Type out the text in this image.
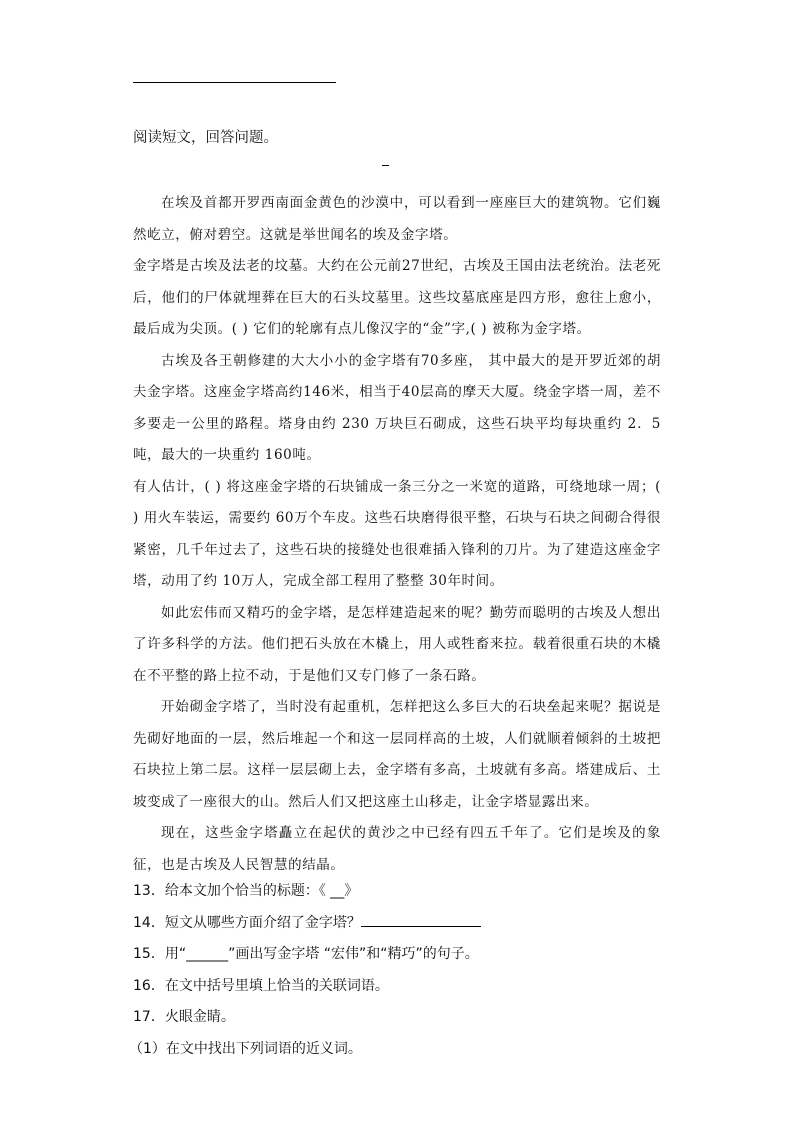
阅读短文，回答问题。

在埃及首都开罗西南面金黄色的沙漠中，可以看到一座座巨大的建筑物。它们巍然屹立，俯对碧空。这就是举世闻名的埃及金字塔。

金字塔是古埃及法老的坟墓。大约在公元前27世纪，古埃及王国由法老统治。法老死后，他们的尸体就埋葬在巨大的石头坟墓里。这些坟墓底座是四方形，愈往上愈小，最后成为尖顶。( ) 它们的轮廓有点儿像汉字的“金”字,( ) 被称为金字塔。

古埃及各王朝修建的大大小小的金字塔有70多座， 其中最大的是开罗近郊的胡夫金字塔。这座金字塔高约146米，相当于40层高的摩天大厦。绕金字塔一周，差不多要走一公里的路程。塔身由约 230 万块巨石砌成，这些石块平均每块重约 2．5 吨，最大的一块重约 160吨。

有人估计，( ) 将这座金字塔的石块铺成一条三分之一米宽的道路，可绕地球一周；( ) 用火车装运，需要约 60万个车皮。这些石块磨得很平整，石块与石块之间砌合得很紧密，几千年过去了，这些石块的接缝处也很难插入锋利的刀片。为了建造这座金字塔，动用了约 10万人，完成全部工程用了整整 30年时间。

如此宏伟而又精巧的金字塔，是怎样建造起来的呢？勤劳而聪明的古埃及人想出了许多科学的方法。他们把石头放在木橇上，用人或牲畜来拉。载着很重石块的木橇在不平整的路上拉不动，于是他们又专门修了一条石路。

开始砌金字塔了，当时没有起重机，怎样把这么多巨大的石块垒起来呢？据说是先砌好地面的一层，然后堆起一个和这一层同样高的土坡，人们就顺着倾斜的土坡把石块拉上第二层。这样一层层砌上去，金字塔有多高，土坡就有多高。塔建成后、土坡变成了一座很大的山。然后人们又把这座土山移走，让金字塔显露出来。

现在，这些金字塔矗立在起伏的黄沙之中已经有四五千年了。它们是埃及的象征，也是古埃及人民智慧的结晶。

13．给本文加个恰当的标题：《 __》
14．短文从哪些方面介绍了金字塔？
15．用“______”画出写金字塔 “宏伟”和“精巧”的句子。
16．在文中括号里填上恰当的关联词语。
17．火眼金睛。
（1）在文中找出下列词语的近义词。
